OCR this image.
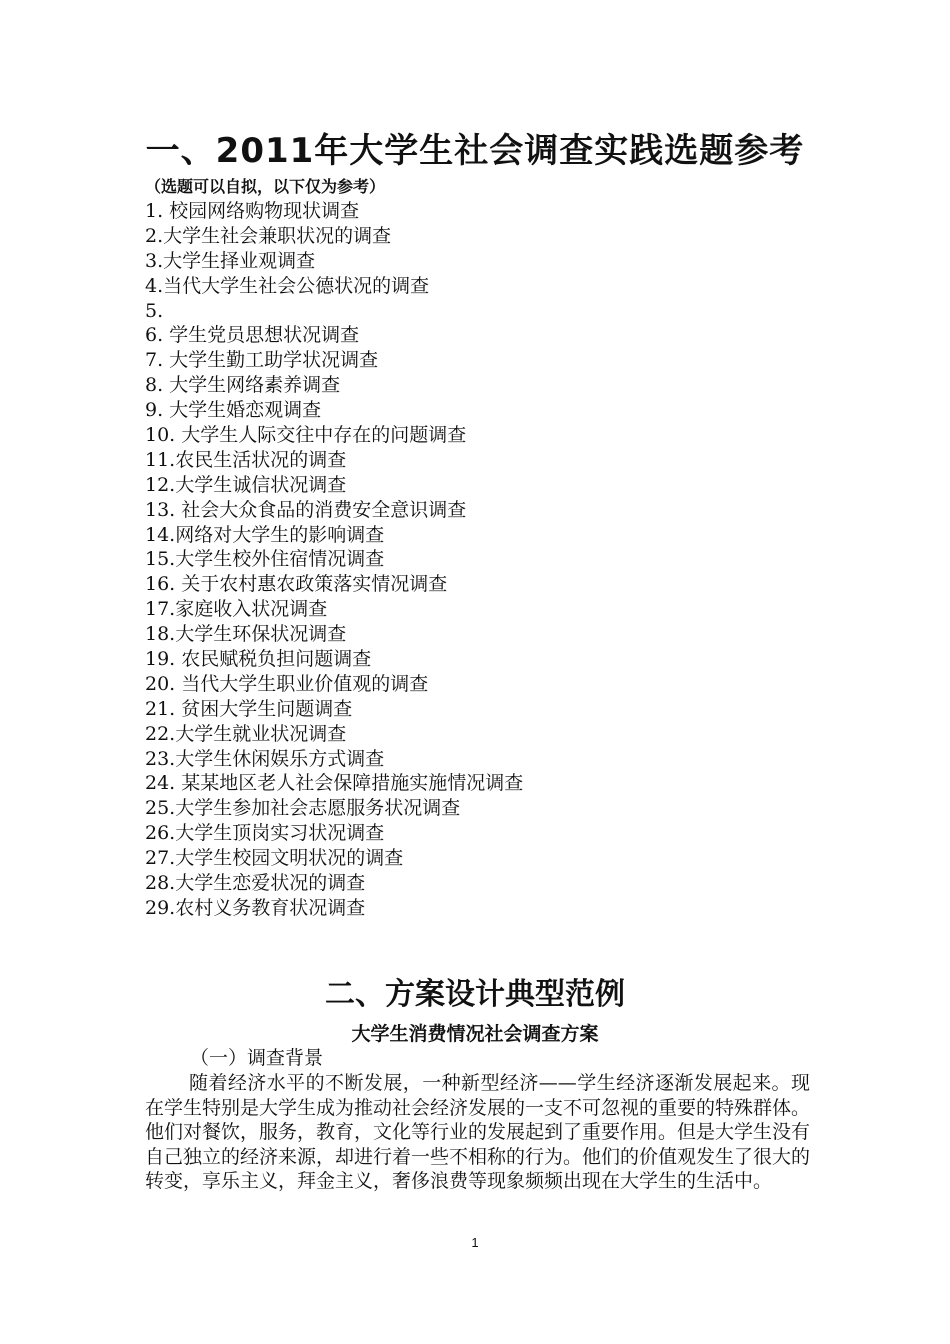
一、2011年大学生社会调查实践选题参考
（选题可以自拟，以下仅为参考）
1. 校园网络购物现状调查
2.大学生社会兼职状况的调查
3.大学生择业观调查
4.当代大学生社会公德状况的调查
5.
6. 学生党员思想状况调查
7. 大学生勤工助学状况调查
8. 大学生网络素养调查
9. 大学生婚恋观调查
10. 大学生人际交往中存在的问题调查
11.农民生活状况的调查
12.大学生诚信状况调查
13. 社会大众食品的消费安全意识调查
14.网络对大学生的影响调查
15.大学生校外住宿情况调查
16. 关于农村惠农政策落实情况调查
17.家庭收入状况调查
18.大学生环保状况调查
19. 农民赋税负担问题调查
20. 当代大学生职业价值观的调查
21. 贫困大学生问题调查
22.大学生就业状况调查
23.大学生休闲娱乐方式调查
24. 某某地区老人社会保障措施实施情况调查
25.大学生参加社会志愿服务状况调查
26.大学生顶岗实习状况调查
27.大学生校园文明状况的调查
28.大学生恋爱状况的调查
29.农村义务教育状况调查
二、方案设计典型范例
大学生消费情况社会调查方案
（一）调查背景

随着经济水平的不断发展，一种新型经济——学生经济逐渐发展起来。现在学生特别是大学生成为推动社会经济发展的一支不可忽视的重要的特殊群体。他们对餐饮，服务，教育，文化等行业的发展起到了重要作用。但是大学生没有自己独立的经济来源，却进行着一些不相称的行为。他们的价值观发生了很大的转变，享乐主义，拜金主义，奢侈浪费等现象频频出现在大学生的生活中。

1
